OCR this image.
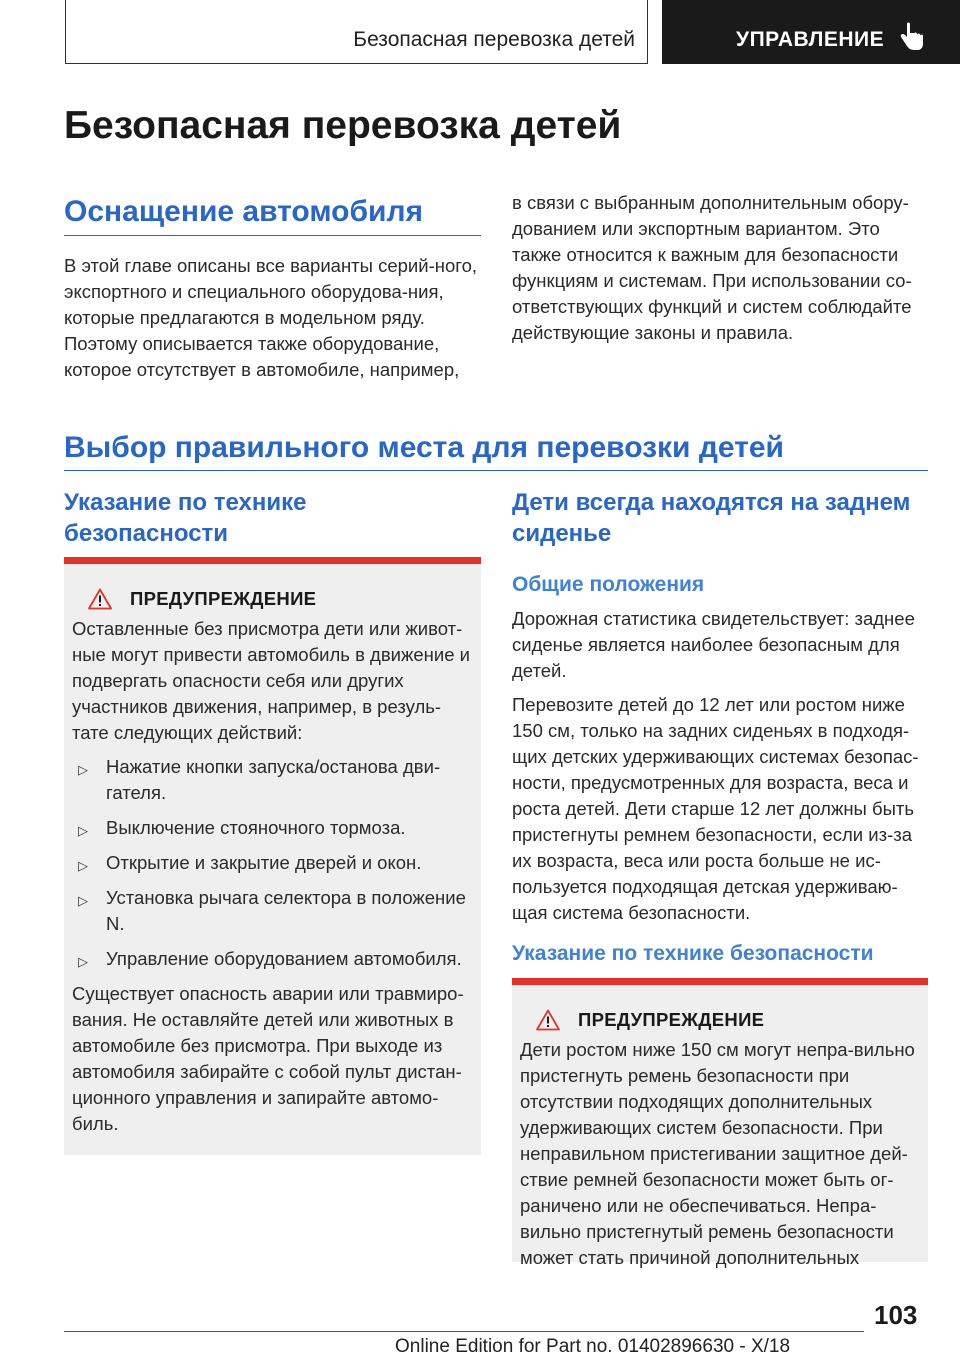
Безопасная перевозка детей	УПРАВЛЕНИЕ
Безопасная перевозка детей
Оснащение автомобиля

В этой главе описаны все варианты серий-ного, экспортного и специального оборудова-ния, которые предлагаются в модельном ряду. Поэтому описывается также оборудование, которое отсутствует в автомобиле, например,

в связи с выбранным дополнительным обору-дованием или экспортным вариантом. Это также относится к важным для безопасности функциям и системам. При использовании со-ответствующих функций и систем соблюдайте действующие законы и правила.

Выбор правильного места для перевозки детей
Указание по технике безопасности
ПРЕДУПРЕЖДЕНИЕ

Оставленные без присмотра дети или живот-ные могут привести автомобиль в движение и подвергать опасности себя или других участников движения, например, в резуль-тате следующих действий:

▷ Нажатие кнопки запуска/останова дви-гателя.
▷ Выключение стояночного тормоза.
▷ Открытие и закрытие дверей и окон.
▷ Установка рычага селектора в положение N.
▷ Управление оборудованием автомобиля.

Существует опасность аварии или травмиро-вания. Не оставляйте детей или животных в автомобиле без присмотра. При выходе из автомобиля забирайте с собой пульт дистан-ционного управления и запирайте автомо-биль.

Дети всегда находятся на заднем сиденье
Общие положения

Дорожная статистика свидетельствует: заднее сиденье является наиболее безопасным для детей.

Перевозите детей до 12 лет или ростом ниже 150 см, только на задних сиденьях в подходя-щих детских удерживающих системах безопас-ности, предусмотренных для возраста, веса и роста детей. Дети старше 12 лет должны быть пристегнуты ремнем безопасности, если из-за их возраста, веса или роста больше не ис-пользуется подходящая детская удерживаю-щая система безопасности.

Указание по технике безопасности
ПРЕДУПРЕЖДЕНИЕ

Дети ростом ниже 150 см могут непра-вильно пристегнуть ремень безопасности при отсутствии подходящих дополнительных удерживающих систем безопасности. При неправильном пристегивании защитное дей-ствие ремней безопасности может быть ог-раничено или не обеспечиваться. Непра-вильно пристегнутый ремень безопасности может стать причиной дополнительных

103
Online Edition for Part no. 01402896630 - X/18
